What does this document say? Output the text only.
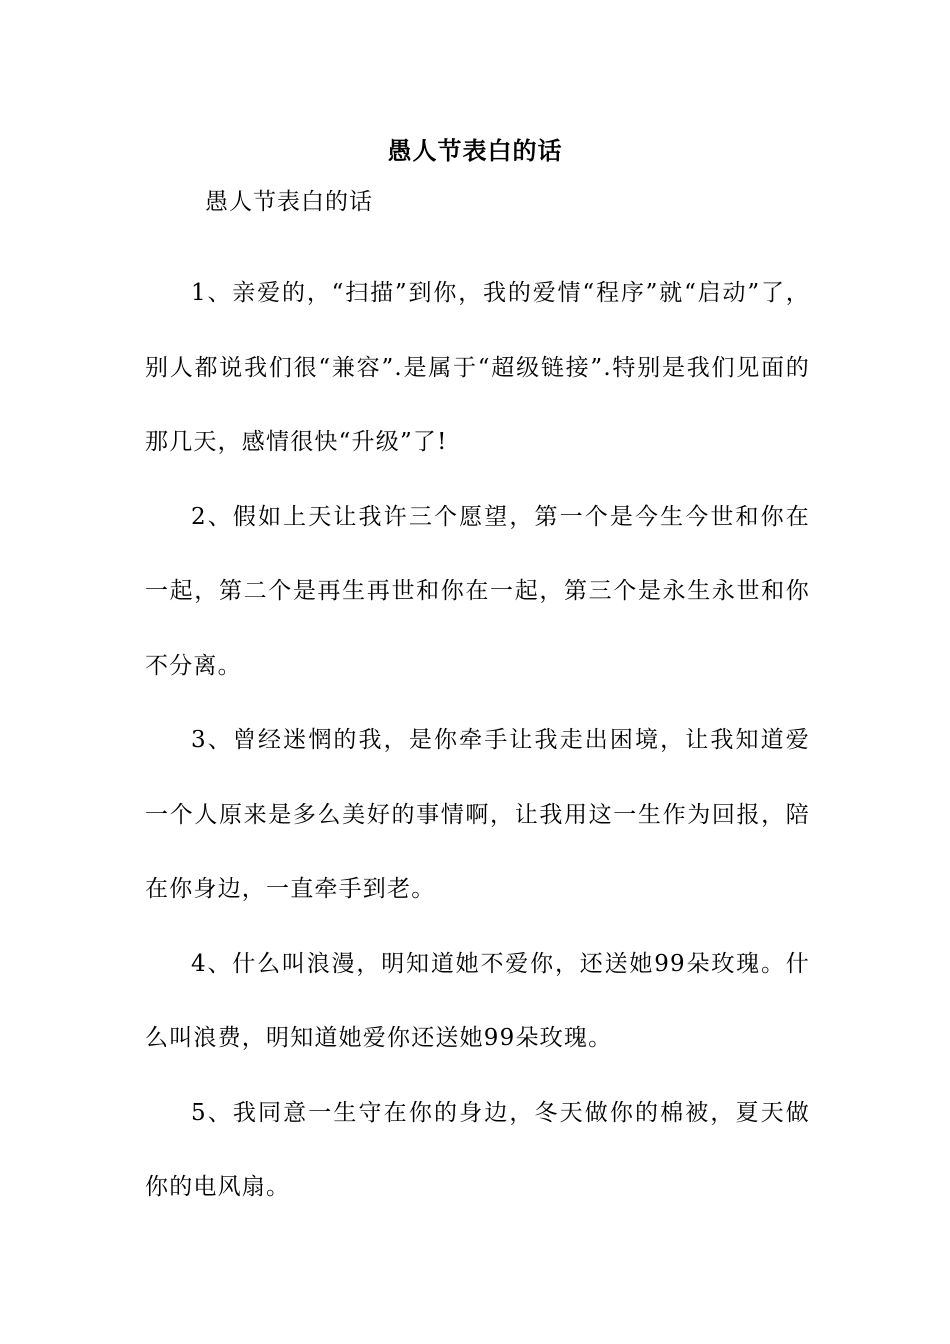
愚人节表白的话
愚人节表白的话

1、亲爱的，“扫描”到你，我的爱情“程序”就“启动”了，别人都说我们很“兼容”.是属于“超级链接”.特别是我们见面的那几天，感情很快“升级”了!

2、假如上天让我许三个愿望，第一个是今生今世和你在一起，第二个是再生再世和你在一起，第三个是永生永世和你不分离。

3、曾经迷惘的我，是你牵手让我走出困境，让我知道爱一个人原来是多么美好的事情啊，让我用这一生作为回报，陪在你身边，一直牵手到老。

4、什么叫浪漫，明知道她不爱你，还送她99朵玫瑰。什么叫浪费，明知道她爱你还送她99朵玫瑰。

5、我同意一生守在你的身边，冬天做你的棉被，夏天做你的电风扇。
